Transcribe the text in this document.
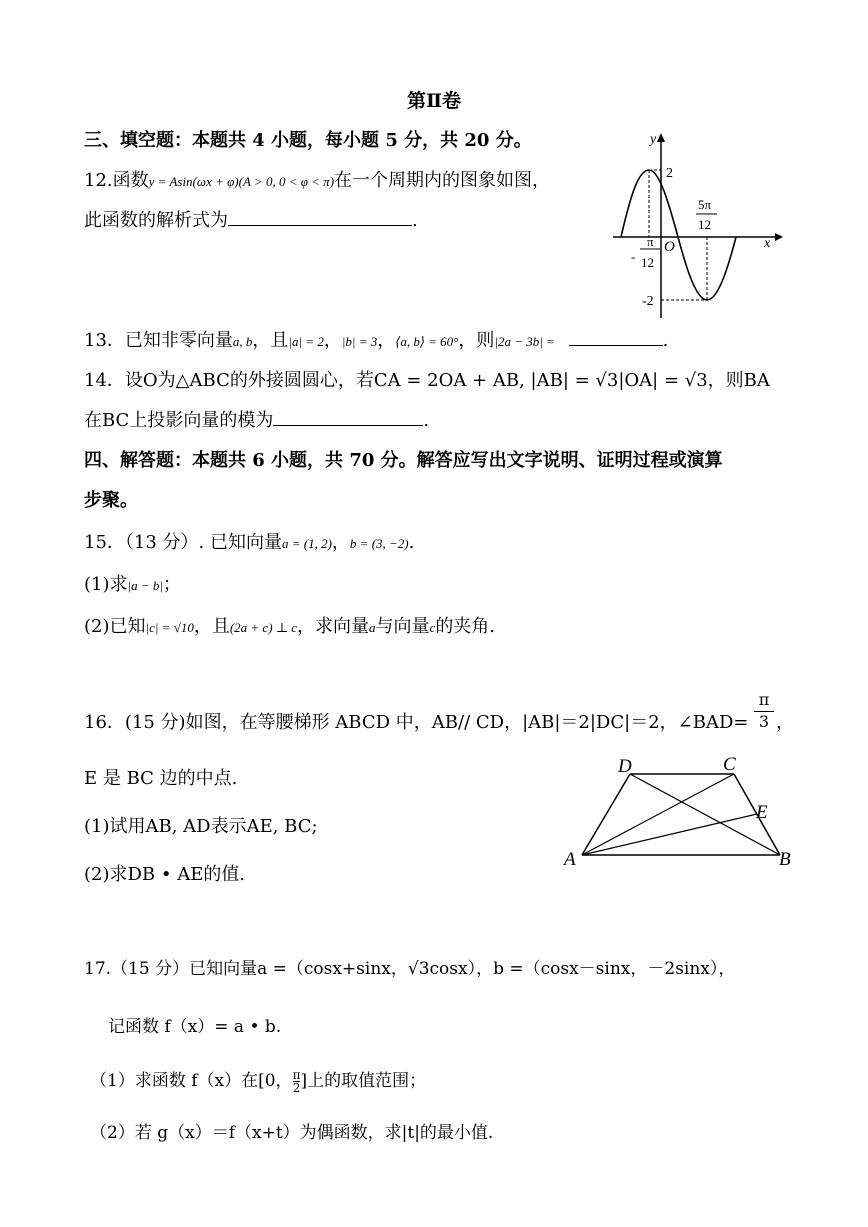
第Ⅱ卷
三、填空题：本题共 4 小题，每小题 5 分，共 20 分。
12.函数y = Asin(ωx + φ)(A > 0, 0 < φ < π)在一个周期内的图象如图，
此函数的解析式为	.
y
x
O
2
-2
π
- 12
5π
12
13．已知非零向量a, b，且|a| = 2，|b| = 3，⟨a, b⟩ = 60°，则|2a − 3b| =	.
14．设O为△ABC的外接圆圆心，若CA = 2OA + AB, |AB| = √3|OA| = √3，则BA
在BC上投影向量的模为	.
四、解答题：本题共 6 小题，共 70 分。解答应写出文字说明、证明过程或演算
步聚。
15．（13 分）. 已知向量a = (1, 2)，b = (3, −2).
(1)求|a − b|；
(2)已知|c| = √10，且(2a + c) ⊥ c，求向量a与向量c的夹角.
16．(15 分)如图，在等腰梯形 ABCD 中，AB// CD，|AB|＝2|DC|＝2，∠BAD= $\frac{\pi}{3}$ ，
E 是 BC 边的中点.
(1)试用AB, AD表示AE, BC;
(2)求DB • AE的值.
A	B
C
D
E
17.（15 分）已知向量a =（cosx+sinx，√3cosx），b =（cosx－sinx，－2sinx），
记函数 f（x）= a • b.
（1）求函数 f（x）在[0， $\frac{\pi}{2}$ ]上的取值范围；
（2）若 g（x）＝f（x+t）为偶函数，求|t|的最小值.
